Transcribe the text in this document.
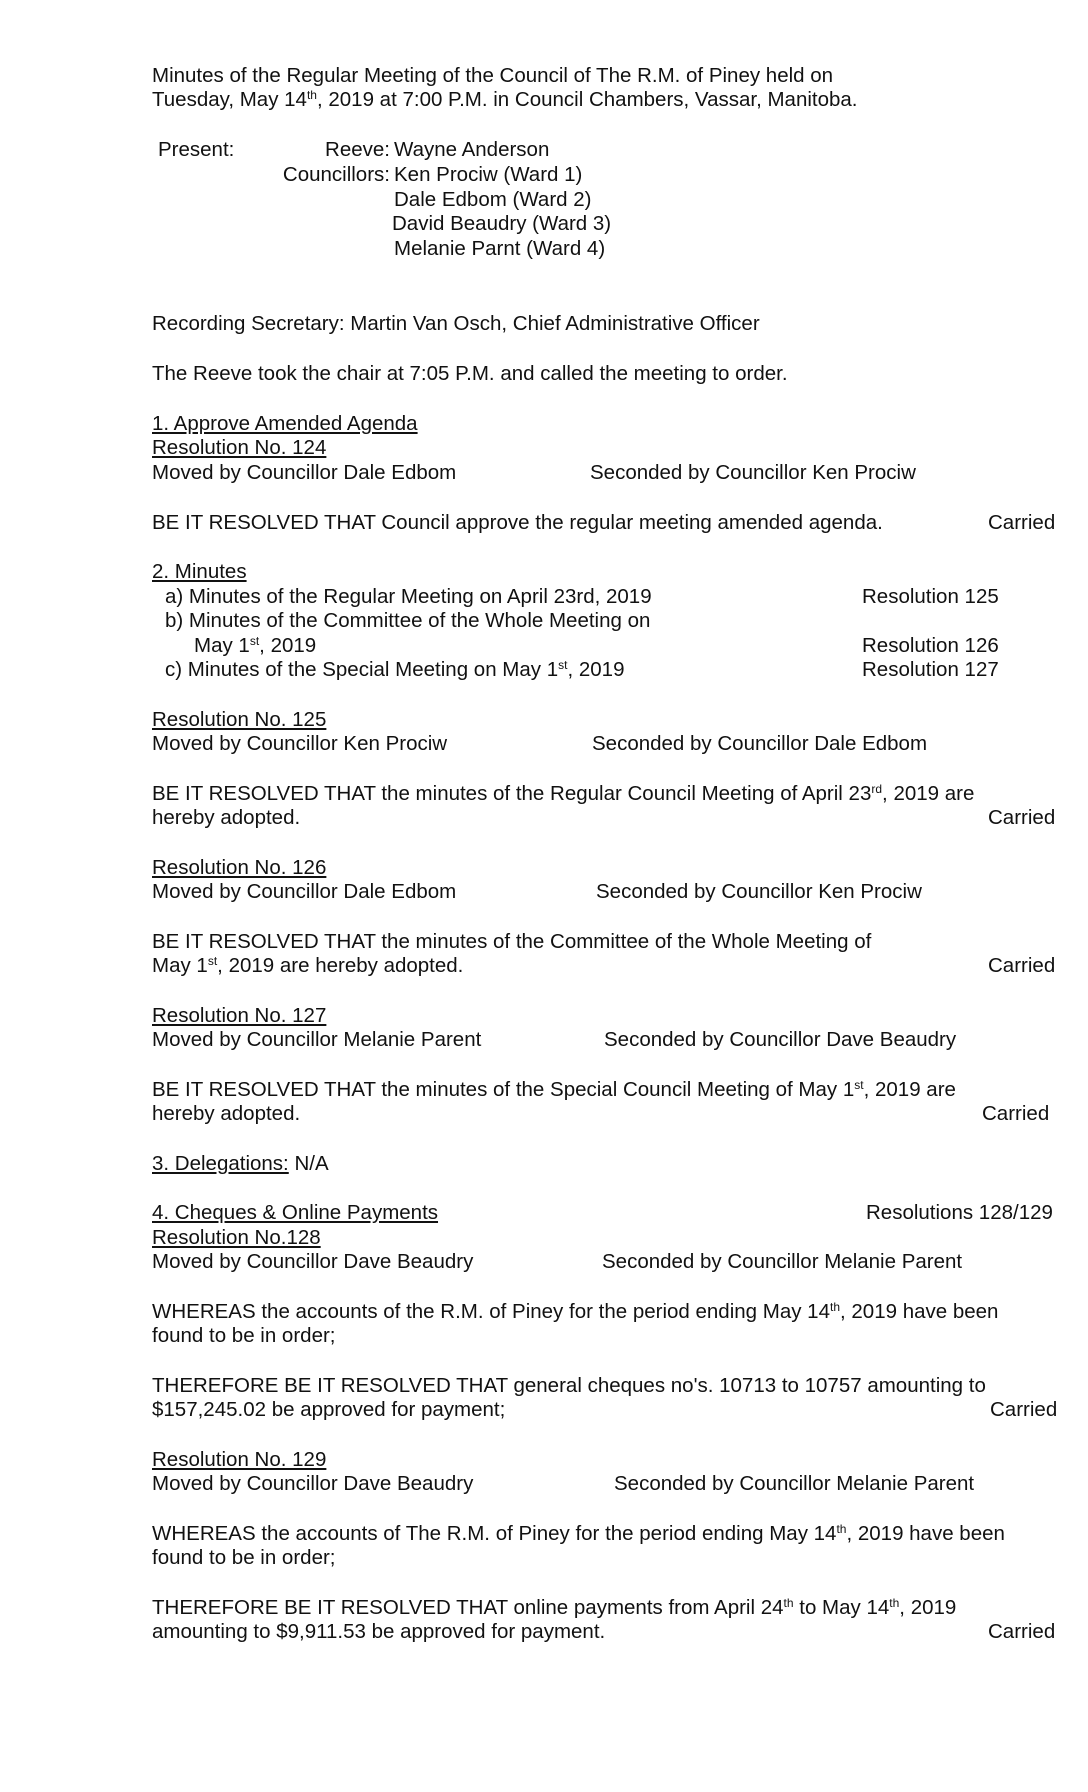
Minutes of the Regular Meeting of the Council of The R.M. of Piney held on
Tuesday, May 14th, 2019 at 7:00 P.M. in Council Chambers, Vassar, Manitoba.
Present:	Reeve: Wayne Anderson
Councillors: Ken Prociw (Ward 1)
Dale Edbom (Ward 2)
David Beaudry (Ward 3)
Melanie Parnt (Ward 4)
Recording Secretary: Martin Van Osch, Chief Administrative Officer
The Reeve took the chair at 7:05 P.M. and called the meeting to order.
1. Approve Amended Agenda
Resolution No. 124
Moved by Councillor Dale Edbom	Seconded by Councillor Ken Prociw
BE IT RESOLVED THAT Council approve the regular meeting amended agenda.	Carried
2. Minutes
a) Minutes of the Regular Meeting on April 23rd, 2019	Resolution 125
b) Minutes of the Committee of the Whole Meeting on
May 1st, 2019	Resolution 126
c) Minutes of the Special Meeting on May 1st, 2019	Resolution 127
Resolution No. 125
Moved by Councillor Ken Prociw	Seconded by Councillor Dale Edbom
BE IT RESOLVED THAT the minutes of the Regular Council Meeting of April 23rd, 2019 are
hereby adopted.	Carried
Resolution No. 126
Moved by Councillor Dale Edbom	Seconded by Councillor Ken Prociw
BE IT RESOLVED THAT the minutes of the Committee of the Whole Meeting of
May 1st, 2019 are hereby adopted.	Carried
Resolution No. 127
Moved by Councillor Melanie Parent	Seconded by Councillor Dave Beaudry
BE IT RESOLVED THAT the minutes of the Special Council Meeting of May 1st, 2019 are
hereby adopted.	Carried
3. Delegations: N/A
4. Cheques & Online Payments	Resolutions 128/129
Resolution No.128
Moved by Councillor Dave Beaudry	Seconded by Councillor Melanie Parent
WHEREAS the accounts of the R.M. of Piney for the period ending May 14th, 2019 have been
found to be in order;
THEREFORE BE IT RESOLVED THAT general cheques no's. 10713 to 10757 amounting to
$157,245.02 be approved for payment;	Carried
Resolution No. 129
Moved by Councillor Dave Beaudry	Seconded by Councillor Melanie Parent
WHEREAS the accounts of The R.M. of Piney for the period ending May 14th, 2019 have been
found to be in order;
THEREFORE BE IT RESOLVED THAT online payments from April 24th to May 14th, 2019
amounting to $9,911.53 be approved for payment.	Carried
